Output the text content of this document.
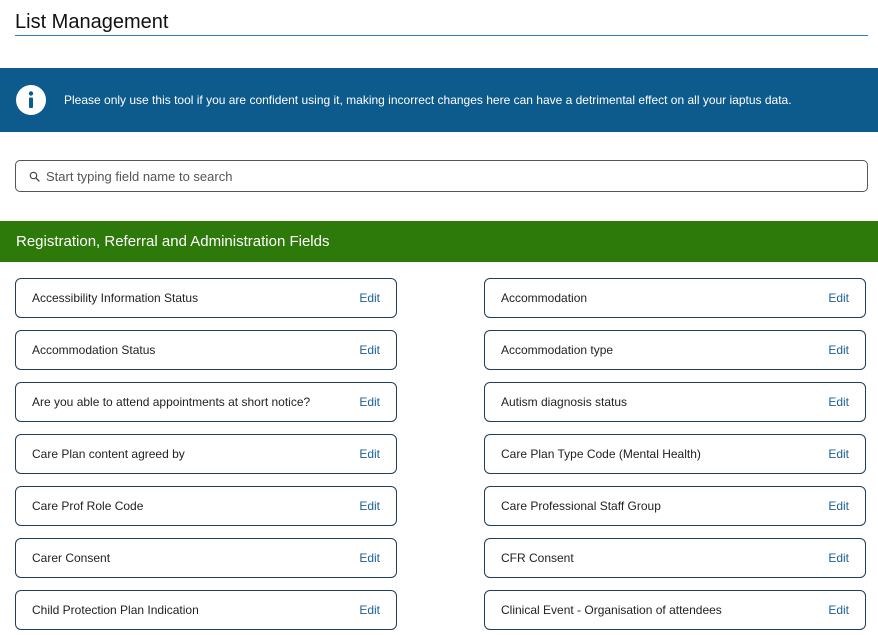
List Management
Please only use this tool if you are confident using it, making incorrect changes here can have a detrimental effect on all your iaptus data.
Start typing field name to search
Registration, Referral and Administration Fields
Accessibility Information Status	Edit
Accommodation Status	Edit
Are you able to attend appointments at short notice?	Edit
Care Plan content agreed by	Edit
Care Prof Role Code	Edit
Carer Consent	Edit
Child Protection Plan Indication	Edit
Accommodation	Edit
Accommodation type	Edit
Autism diagnosis status	Edit
Care Plan Type Code (Mental Health)	Edit
Care Professional Staff Group	Edit
CFR Consent	Edit
Clinical Event - Organisation of attendees	Edit
